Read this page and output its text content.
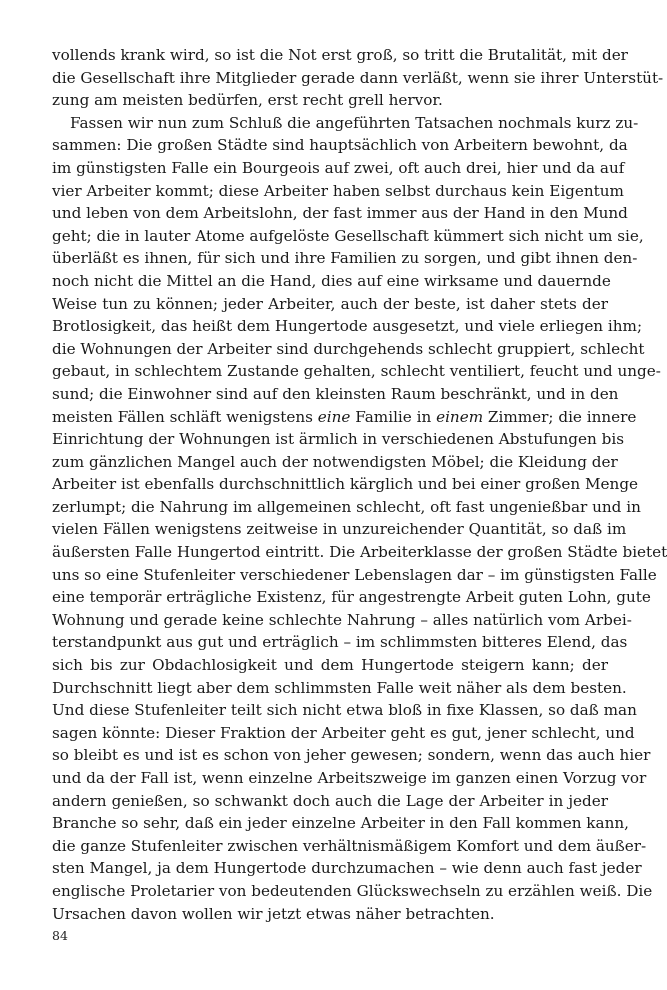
vollends krank wird, so ist die Not erst groß, so tritt die Brutalität, mit der
die Gesellschaft ihre Mitglieder gerade dann verläßt, wenn sie ihrer Unterstüt-
zung am meisten bedürfen, erst recht grell hervor.
Fassen wir nun zum Schluß die angeführten Tatsachen nochmals kurz zu-
sammen: Die großen Städte sind hauptsächlich von Arbeitern bewohnt, da
im günstigsten Falle ein Bourgeois auf zwei, oft auch drei, hier und da auf
vier Arbeiter kommt; diese Arbeiter haben selbst durchaus kein Eigentum
und leben von dem Arbeitslohn, der fast immer aus der Hand in den Mund
geht; die in lauter Atome aufgelöste Gesellschaft kümmert sich nicht um sie,
überläßt es ihnen, für sich und ihre Familien zu sorgen, und gibt ihnen den-
noch nicht die Mittel an die Hand, dies auf eine wirksame und dauernde
Weise tun zu können; jeder Arbeiter, auch der beste, ist daher stets der
Brotlosigkeit, das heißt dem Hungertode ausgesetzt, und viele erliegen ihm;
die Wohnungen der Arbeiter sind durchgehends schlecht gruppiert, schlecht
gebaut, in schlechtem Zustande gehalten, schlecht ventiliert, feucht und unge-
sund; die Einwohner sind auf den kleinsten Raum beschränkt, und in den
meisten Fällen schläft wenigstens eine Familie in einem Zimmer; die innere
Einrichtung der Wohnungen ist ärmlich in verschiedenen Abstufungen bis
zum gänzlichen Mangel auch der notwendigsten Möbel; die Kleidung der
Arbeiter ist ebenfalls durchschnittlich kärglich und bei einer großen Menge
zerlumpt; die Nahrung im allgemeinen schlecht, oft fast ungenießbar und in
vielen Fällen wenigstens zeitweise in unzureichender Quantität, so daß im
äußersten Falle Hungertod eintritt. Die Arbeiterklasse der großen Städte bietet
uns so eine Stufenleiter verschiedener Lebenslagen dar – im günstigsten Falle
eine temporär erträgliche Existenz, für angestrengte Arbeit guten Lohn, gute
Wohnung und gerade keine schlechte Nahrung – alles natürlich vom Arbei-
terstandpunkt aus gut und erträglich – im schlimmsten bitteres Elend, das
sich bis zur Obdachlosigkeit und dem Hungertode steigern kann; der
Durchschnitt liegt aber dem schlimmsten Falle weit näher als dem besten.
Und diese Stufenleiter teilt sich nicht etwa bloß in fixe Klassen, so daß man
sagen könnte: Dieser Fraktion der Arbeiter geht es gut, jener schlecht, und
so bleibt es und ist es schon von jeher gewesen; sondern, wenn das auch hier
und da der Fall ist, wenn einzelne Arbeitszweige im ganzen einen Vorzug vor
andern genießen, so schwankt doch auch die Lage der Arbeiter in jeder
Branche so sehr, daß ein jeder einzelne Arbeiter in den Fall kommen kann,
die ganze Stufenleiter zwischen verhältnismäßigem Komfort und dem äußer-
sten Mangel, ja dem Hungertode durchzumachen – wie denn auch fast jeder
englische Proletarier von bedeutenden Glückswechseln zu erzählen weiß. Die
Ursachen davon wollen wir jetzt etwas näher betrachten.
84
